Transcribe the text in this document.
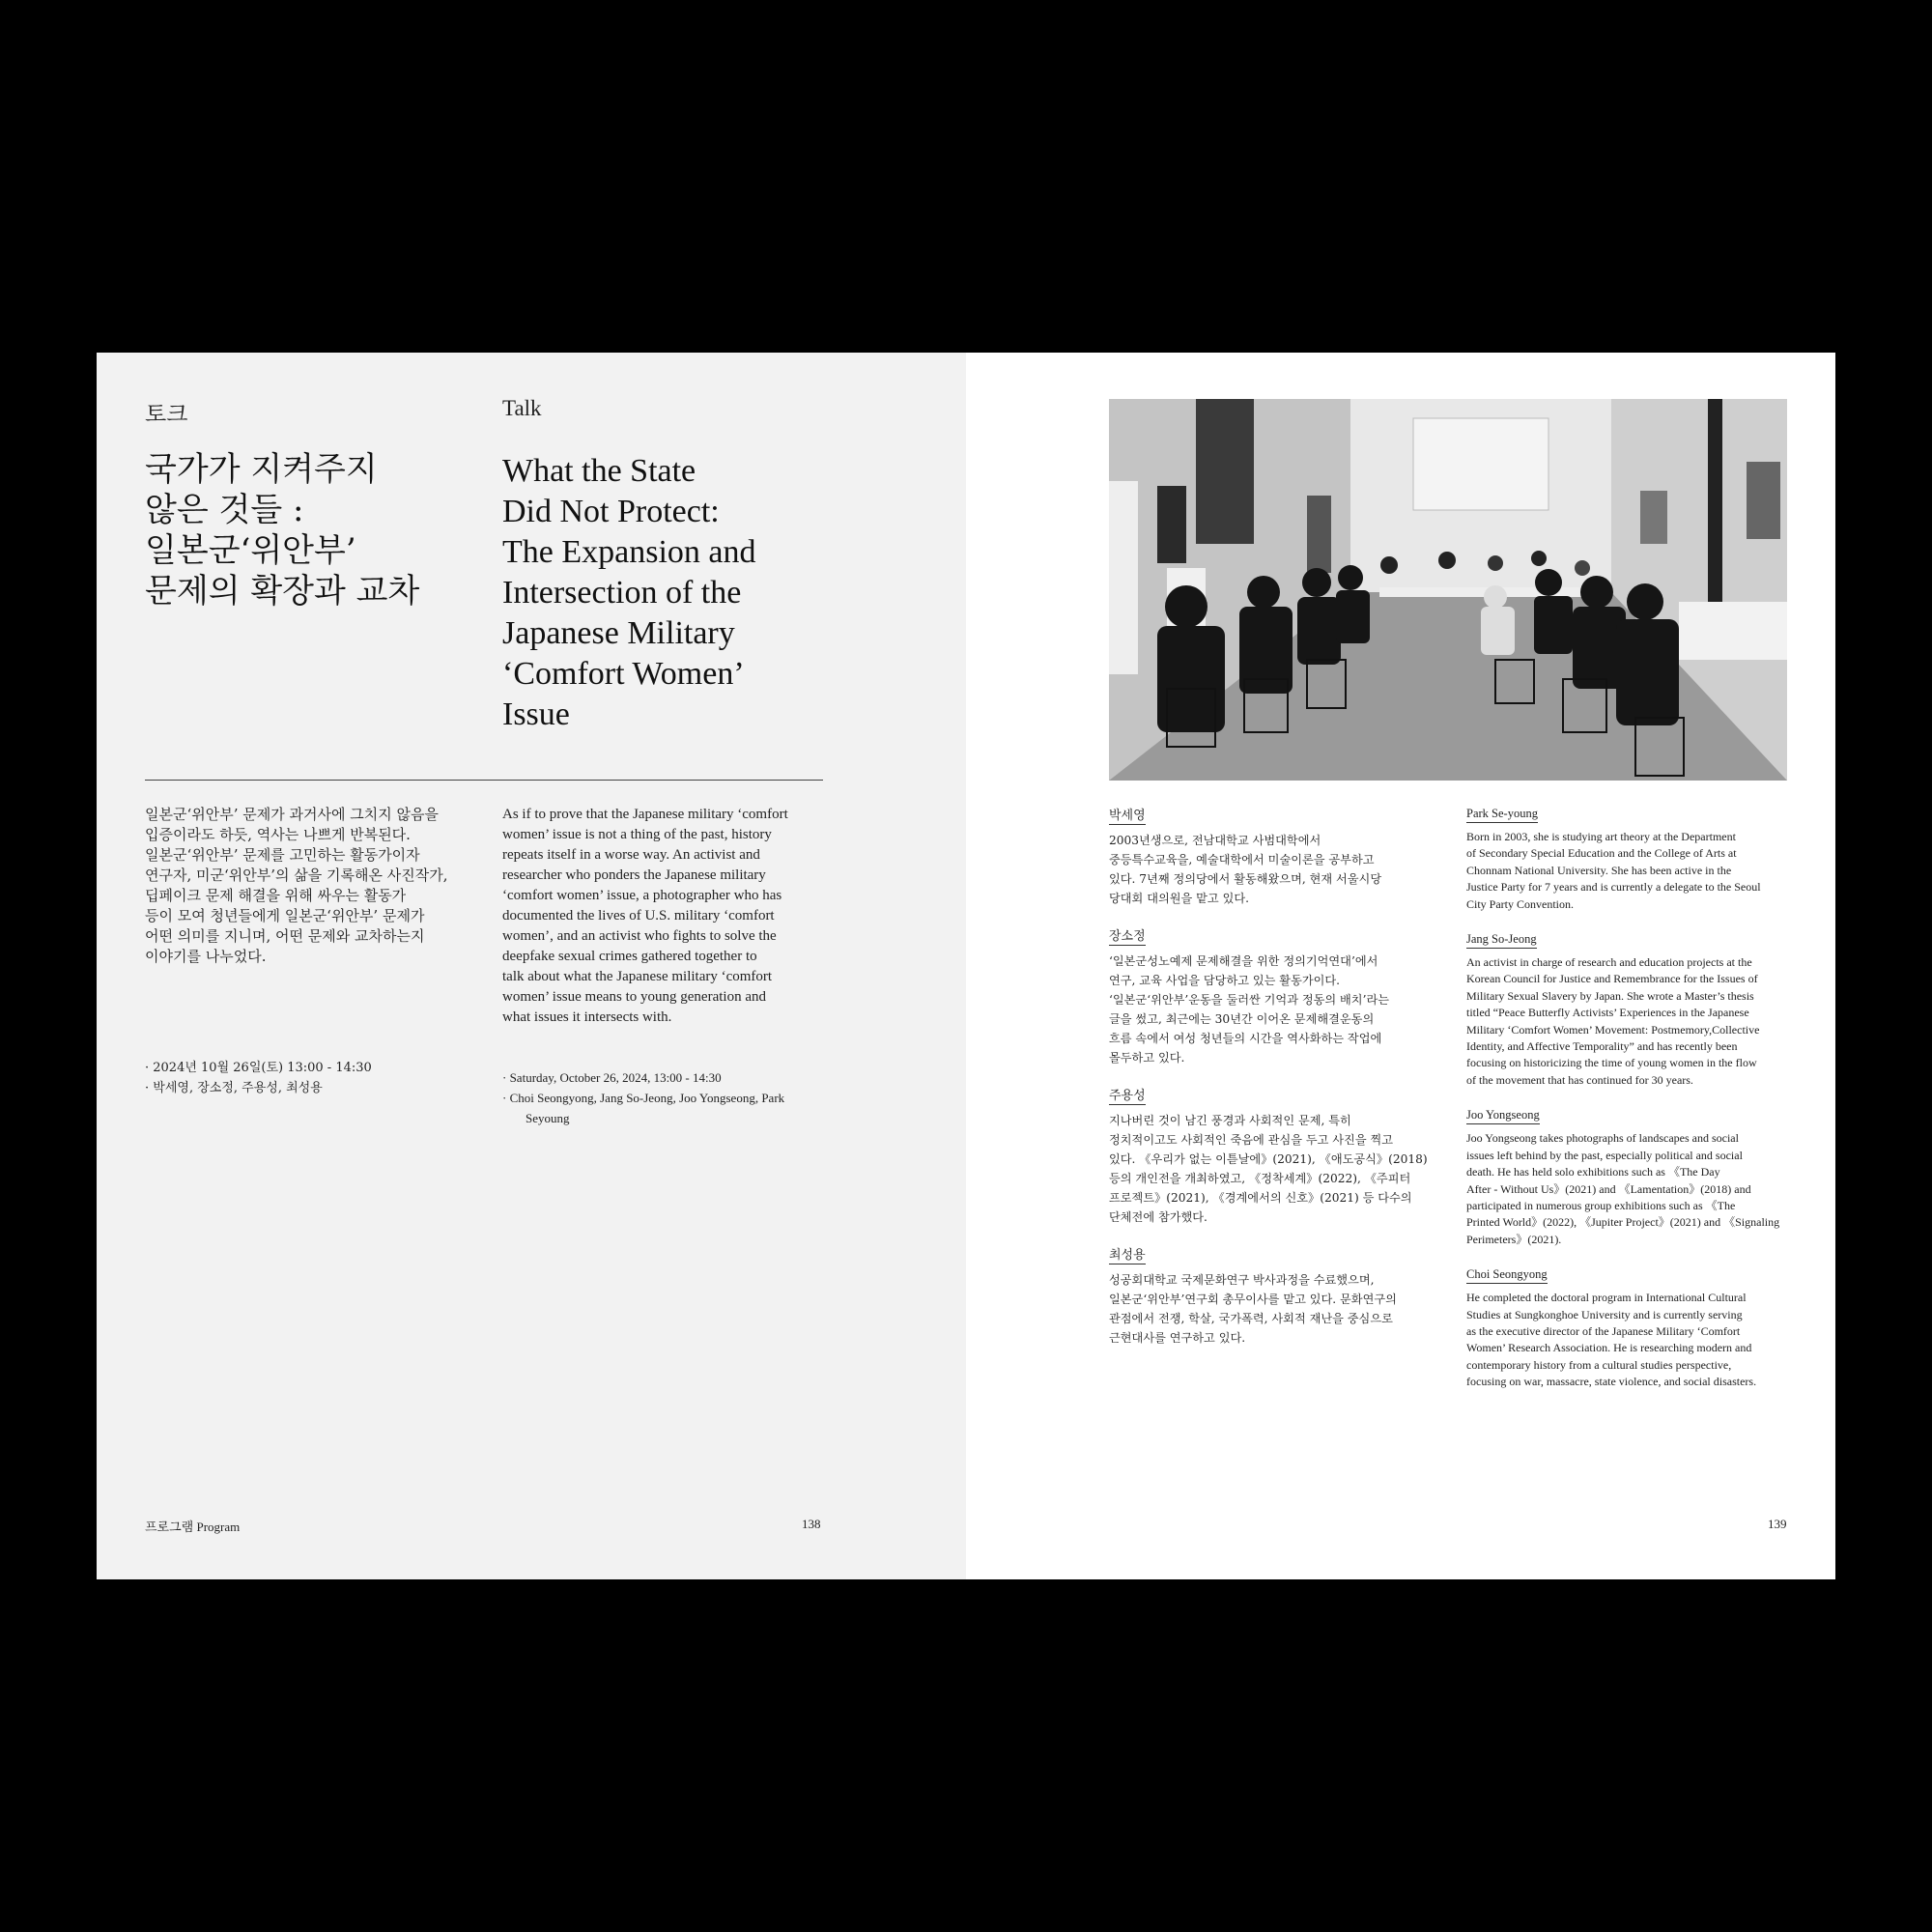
토크	Talk
국가가 지켜주지
않은 것들 :
일본군‘위안부’
문제의 확장과 교차
What the State
Did Not Protect:
The Expansion and
Intersection of the
Japanese Military
‘Comfort Women’
Issue
일본군‘위안부’ 문제가 과거사에 그치지 않음을
입증이라도 하듯, 역사는 나쁘게 반복된다.
일본군‘위안부’ 문제를 고민하는 활동가이자
연구자, 미군‘위안부’의 삶을 기록해온 사진작가,
딥페이크 문제 해결을 위해 싸우는 활동가
등이 모여 청년들에게 일본군‘위안부’ 문제가
어떤 의미를 지니며, 어떤 문제와 교차하는지
이야기를 나누었다.
As if to prove that the Japanese military ‘comfort
women’ issue is not a thing of the past, history
repeats itself in a worse way. An activist and
researcher who ponders the Japanese military
‘comfort women’ issue, a photographer who has
documented the lives of U.S. military ‘comfort
women’, and an activist who fights to solve the
deepfake sexual crimes gathered together to
talk about what the Japanese military ‘comfort
women’ issue means to young generation and
what issues it intersects with.
· 2024년 10월 26일(토) 13:00 - 14:30
· 박세영, 장소정, 주용성, 최성용
· Saturday, October 26, 2024, 13:00 - 14:30
· Choi Seongyong, Jang So-Jeong, Joo Yongseong, Park
Seyoung
프로그램 Program	138
박세영
2003년생으로, 전남대학교 사범대학에서
중등특수교육을, 예술대학에서 미술이론을 공부하고
있다. 7년째 정의당에서 활동해왔으며, 현재 서울시당
당대회 대의원을 맡고 있다.
장소정
‘일본군성노예제 문제해결을 위한 정의기억연대’에서
연구, 교육 사업을 담당하고 있는 활동가이다.
‘일본군‘위안부’운동을 둘러싼 기억과 정동의 배치’라는
글을 썼고, 최근에는 30년간 이어온 문제해결운동의
흐름 속에서 여성 청년들의 시간을 역사화하는 작업에
몰두하고 있다.
주용성
지나버린 것이 남긴 풍경과 사회적인 문제, 특히
정치적이고도 사회적인 죽음에 관심을 두고 사진을 찍고
있다. 《우리가 없는 이튿날에》(2021), 《애도공식》(2018)
등의 개인전을 개최하였고, 《정착세계》(2022), 《주피터
프로젝트》(2021), 《경계에서의 신호》(2021) 등 다수의
단체전에 참가했다.
최성용
성공회대학교 국제문화연구 박사과정을 수료했으며,
일본군‘위안부’연구회 총무이사를 맡고 있다. 문화연구의
관점에서 전쟁, 학살, 국가폭력, 사회적 재난을 중심으로
근현대사를 연구하고 있다.
Park Se-young
Born in 2003, she is studying art theory at the Department
of Secondary Special Education and the College of Arts at
Chonnam National University. She has been active in the
Justice Party for 7 years and is currently a delegate to the Seoul
City Party Convention.
Jang So-Jeong
An activist in charge of research and education projects at the
Korean Council for Justice and Remembrance for the Issues of
Military Sexual Slavery by Japan. She wrote a Master’s thesis
titled “Peace Butterfly Activists’ Experiences in the Japanese
Military ‘Comfort Women’ Movement: Postmemory,Collective
Identity, and Affective Temporality” and has recently been
focusing on historicizing the time of young women in the flow
of the movement that has continued for 30 years.
Joo Yongseong
Joo Yongseong takes photographs of landscapes and social
issues left behind by the past, especially political and social
death. He has held solo exhibitions such as 《The Day
After - Without Us》(2021) and 《Lamentation》(2018) and
participated in numerous group exhibitions such as 《The
Printed World》(2022), 《Jupiter Project》(2021) and 《Signaling
Perimeters》(2021).
Choi Seongyong
He completed the doctoral program in International Cultural
Studies at Sungkonghoe University and is currently serving
as the executive director of the Japanese Military ‘Comfort
Women’ Research Association. He is researching modern and
contemporary history from a cultural studies perspective,
focusing on war, massacre, state violence, and social disasters.
139
